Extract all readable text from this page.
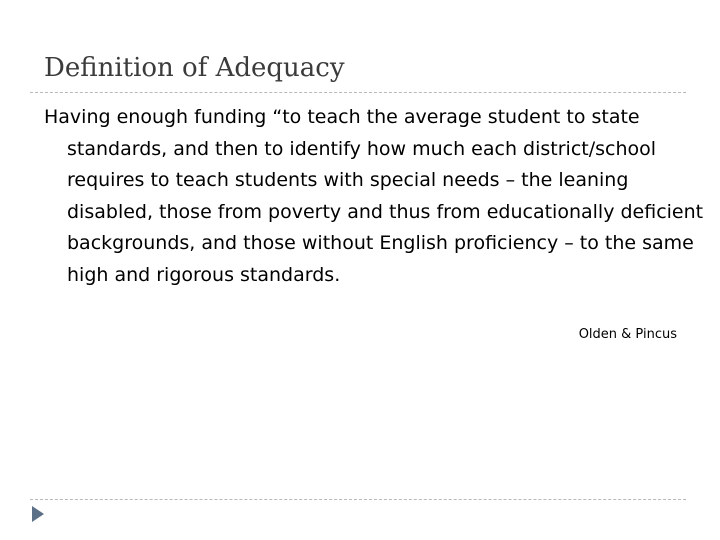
Definition of Adequacy

Having enough funding “to teach the average student to state standards, and then to identify how much each district/school requires to teach students with special needs – the leaning disabled, those from poverty and thus from educationally deficient backgrounds, and those without English proficiency – to the same high and rigorous standards.

Olden & Pincus
